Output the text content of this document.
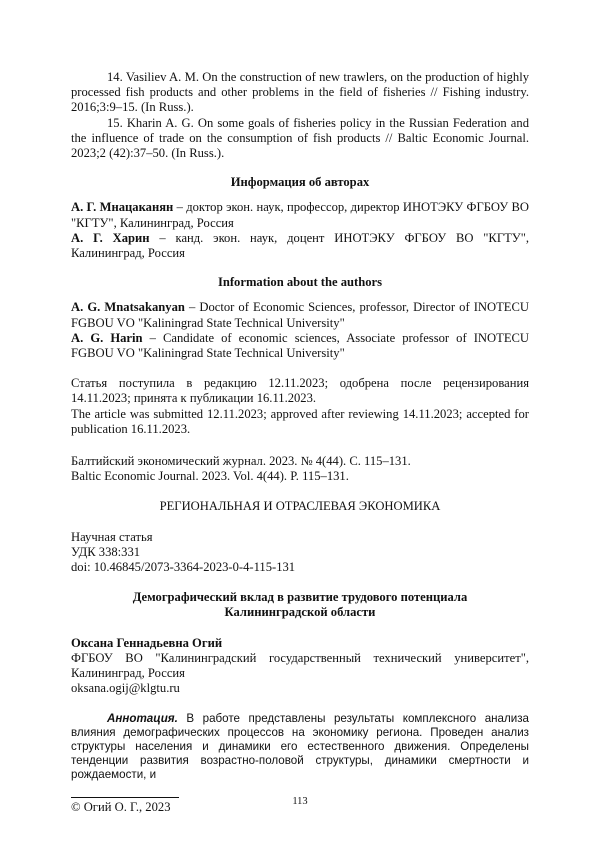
14. Vasiliev A. M. On the construction of new trawlers, on the production of highly processed fish products and other problems in the field of fisheries // Fishing industry. 2016;3:9–15. (In Russ.).

15. Kharin A. G. On some goals of fisheries policy in the Russian Federation and the influence of trade on the consumption of fish products // Baltic Economic Journal. 2023;2 (42):37–50. (In Russ.).

Информация об авторах

А. Г. Мнацаканян – доктор экон. наук, профессор, директор ИНОТЭКУ ФГБОУ ВО "КГТУ", Калининград, Россия

А. Г. Харин – канд. экон. наук, доцент ИНОТЭКУ ФГБОУ ВО "КГТУ", Калининград, Россия

Information about the authors

A. G. Mnatsakanyan – Doctor of Economic Sciences, professor, Director of INOTECU FGBOU VO "Kaliningrad State Technical University"

A. G. Harin – Candidate of economic sciences, Associate professor of INOTECU FGBOU VO "Kaliningrad State Technical University"

Статья поступила в редакцию 12.11.2023; одобрена после рецензирования 14.11.2023; принята к публикации 16.11.2023.

The article was submitted 12.11.2023; approved after reviewing 14.11.2023; accepted for publication 16.11.2023.

Балтийский экономический журнал. 2023. № 4(44). С. 115–131.

Baltic Economic Journal. 2023. Vol. 4(44). P. 115–131.

РЕГИОНАЛЬНАЯ И ОТРАСЛЕВАЯ ЭКОНОМИКА

Научная статья

УДК 338:331

doi: 10.46845/2073-3364-2023-0-4-115-131

Демографический вклад в развитие трудового потенциала

Калининградской области

Оксана Геннадьевна Огий

ФГБОУ ВО "Калининградский государственный технический университет", Калининград, Россия

oksana.ogij@klgtu.ru

Аннотация. В работе представлены результаты комплексного анализа влияния демографических процессов на экономику региона. Проведен анализ структуры населения и динамики его естественного движения. Определены тенденции развития возрастно-половой структуры, динамики смертности и рождаемости, и

© Огий О. Г., 2023	113
